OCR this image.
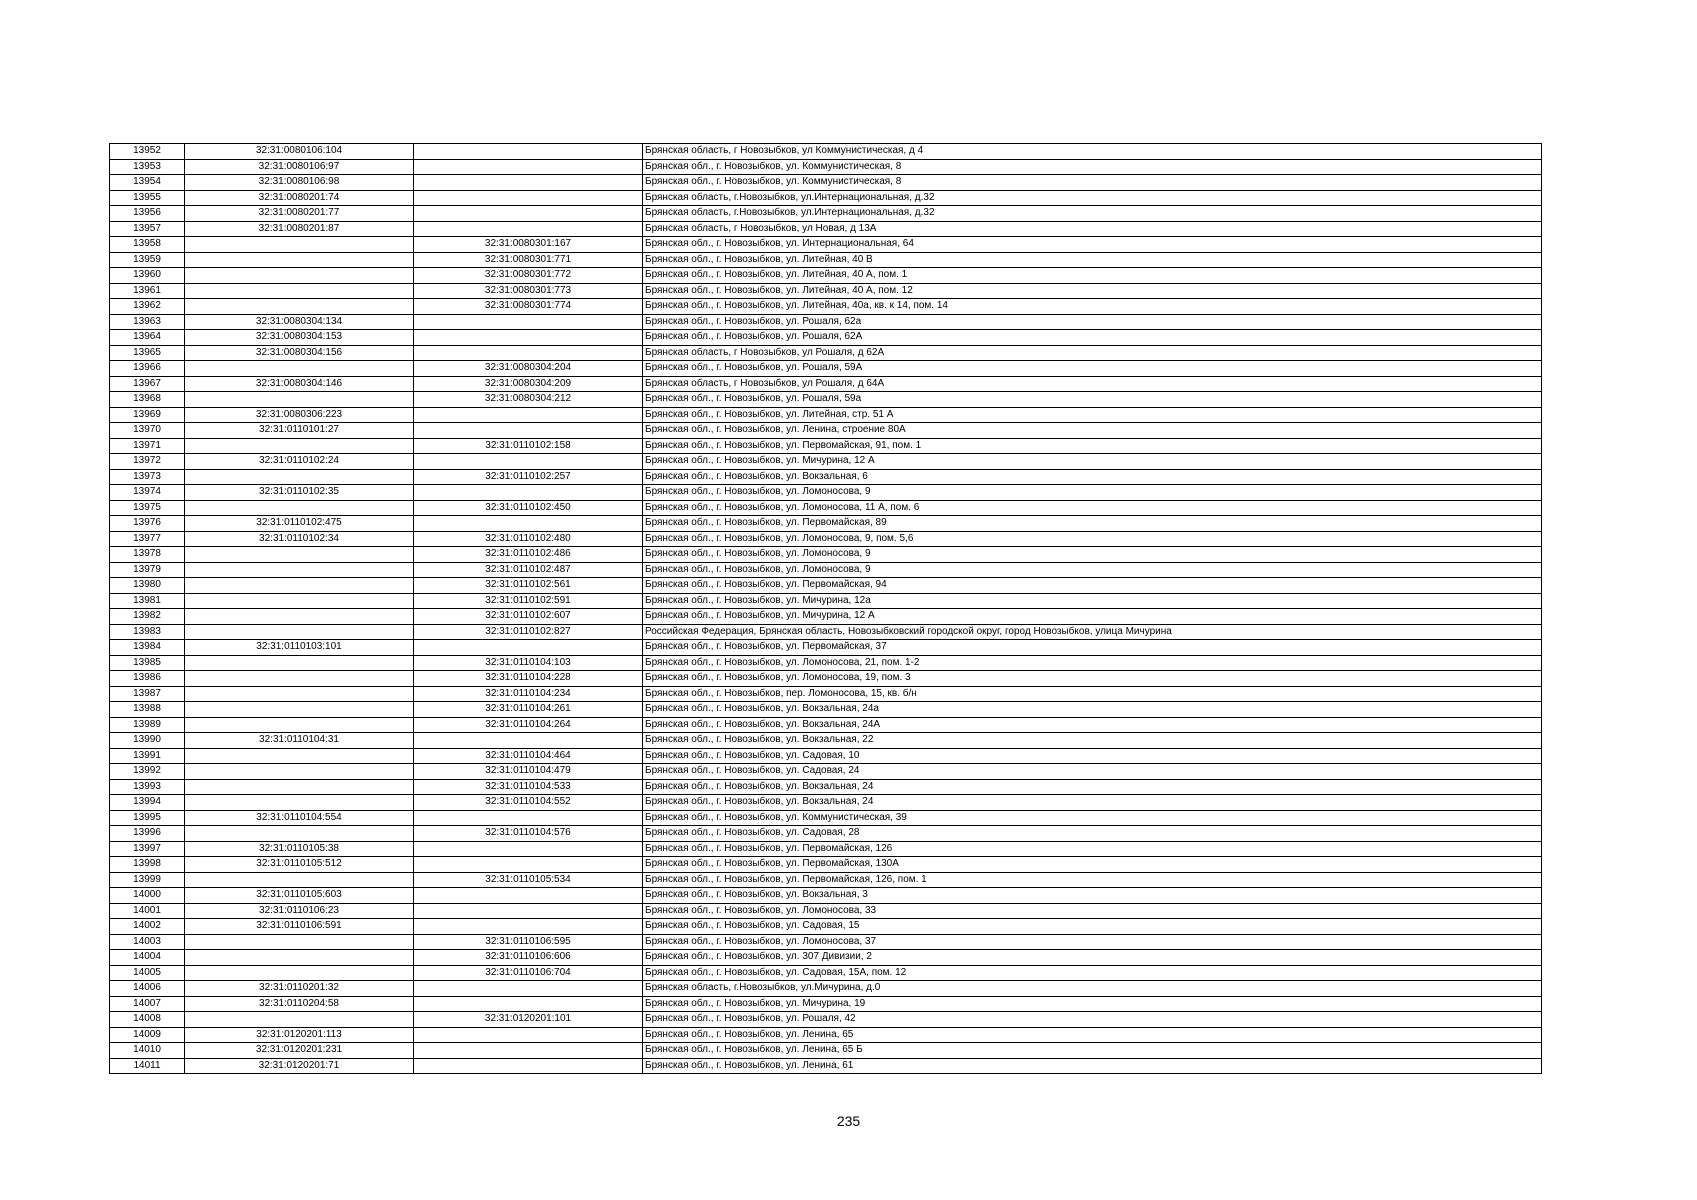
13952	32:31:0080106:104		Брянская область, г Новозыбков, ул Коммунистическая, д 4
13953	32:31:0080106:97		Брянская обл., г. Новозыбков, ул. Коммунистическая, 8
13954	32:31:0080106:98		Брянская обл., г. Новозыбков, ул. Коммунистическая, 8
13955	32:31:0080201:74		Брянская область, г.Новозыбков, ул.Интернациональная, д.32
13956	32:31:0080201:77		Брянская область, г.Новозыбков, ул.Интернациональная, д.32
13957	32:31:0080201:87		Брянская область, г Новозыбков, ул Новая, д 13А
13958		32:31:0080301:167	Брянская обл., г. Новозыбков, ул. Интернациональная, 64
13959		32:31:0080301:771	Брянская обл., г. Новозыбков, ул. Литейная, 40 В
13960		32:31:0080301:772	Брянская обл., г. Новозыбков, ул. Литейная, 40 А, пом. 1
13961		32:31:0080301:773	Брянская обл., г. Новозыбков, ул. Литейная, 40 А, пом. 12
13962		32:31:0080301:774	Брянская обл., г. Новозыбков, ул. Литейная, 40а, кв. к 14, пом. 14
13963	32:31:0080304:134		Брянская обл., г. Новозыбков, ул. Рошаля, 62а
13964	32:31:0080304:153		Брянская обл., г. Новозыбков, ул. Рошаля, 62А
13965	32:31:0080304:156		Брянская область, г Новозыбков, ул Рошаля, д 62А
13966		32:31:0080304:204	Брянская обл., г. Новозыбков, ул. Рошаля, 59А
13967	32:31:0080304:146	32:31:0080304:209	Брянская область, г Новозыбков, ул Рошаля, д 64А
13968		32:31:0080304:212	Брянская обл., г. Новозыбков, ул. Рошаля, 59а
13969	32:31:0080306:223		Брянская обл., г. Новозыбков, ул. Литейная, стр. 51 А
13970	32:31:0110101:27		Брянская обл., г. Новозыбков, ул. Ленина, строение 80А
13971		32:31:0110102:158	Брянская обл., г. Новозыбков, ул. Первомайская, 91, пом. 1
13972	32:31:0110102:24		Брянская обл., г. Новозыбков, ул. Мичурина, 12 А
13973		32:31:0110102:257	Брянская обл., г. Новозыбков, ул. Вокзальная, 6
13974	32:31:0110102:35		Брянская обл., г. Новозыбков, ул. Ломоносова, 9
13975		32:31:0110102:450	Брянская обл., г. Новозыбков, ул. Ломоносова, 11 А, пом. 6
13976	32:31:0110102:475		Брянская обл., г. Новозыбков, ул. Первомайская, 89
13977	32:31:0110102:34	32:31:0110102:480	Брянская обл., г. Новозыбков, ул. Ломоносова, 9, пом. 5,6
13978		32:31:0110102:486	Брянская обл., г. Новозыбков, ул. Ломоносова, 9
13979		32:31:0110102:487	Брянская обл., г. Новозыбков, ул. Ломоносова, 9
13980		32:31:0110102:561	Брянская обл., г. Новозыбков, ул. Первомайская, 94
13981		32:31:0110102:591	Брянская обл., г. Новозыбков, ул. Мичурина, 12а
13982		32:31:0110102:607	Брянская обл., г. Новозыбков, ул. Мичурина, 12 А
13983		32:31:0110102:827	Российская Федерация, Брянская область, Новозыбковский городской округ, город Новозыбков, улица Мичурина
13984	32:31:0110103:101		Брянская обл., г. Новозыбков, ул. Первомайская, 37
13985		32:31:0110104:103	Брянская обл., г. Новозыбков, ул. Ломоносова, 21, пом. 1-2
13986		32:31:0110104:228	Брянская обл., г. Новозыбков, ул. Ломоносова, 19, пом. 3
13987		32:31:0110104:234	Брянская обл., г. Новозыбков, пер. Ломоносова, 15, кв. б/н
13988		32:31:0110104:261	Брянская обл., г. Новозыбков, ул. Вокзальная, 24а
13989		32:31:0110104:264	Брянская обл., г. Новозыбков, ул. Вокзальная, 24А
13990	32:31:0110104:31		Брянская обл., г. Новозыбков, ул. Вокзальная, 22
13991		32:31:0110104:464	Брянская обл., г. Новозыбков, ул. Садовая, 10
13992		32:31:0110104:479	Брянская обл., г. Новозыбков, ул. Садовая, 24
13993		32:31:0110104:533	Брянская обл., г. Новозыбков, ул. Вокзальная, 24
13994		32:31:0110104:552	Брянская обл., г. Новозыбков, ул. Вокзальная, 24
13995	32:31:0110104:554		Брянская обл., г. Новозыбков, ул. Коммунистическая, 39
13996		32:31:0110104:576	Брянская обл., г. Новозыбков, ул. Садовая, 28
13997	32:31:0110105:38		Брянская обл., г. Новозыбков, ул. Первомайская, 126
13998	32:31:0110105:512		Брянская обл., г. Новозыбков, ул. Первомайская, 130А
13999		32:31:0110105:534	Брянская обл., г. Новозыбков, ул. Первомайская, 126, пом. 1
14000	32:31:0110105:603		Брянская обл., г. Новозыбков, ул. Вокзальная, 3
14001	32:31:0110106:23		Брянская обл., г. Новозыбков, ул. Ломоносова, 33
14002	32:31:0110106:591		Брянская обл., г. Новозыбков, ул. Садовая, 15
14003		32:31:0110106:595	Брянская обл., г. Новозыбков, ул. Ломоносова, 37
14004		32:31:0110106:606	Брянская обл., г. Новозыбков, ул. 307 Дивизии, 2
14005		32:31:0110106:704	Брянская обл., г. Новозыбков, ул. Садовая, 15А, пом. 12
14006	32:31:0110201:32		Брянская область, г.Новозыбков, ул.Мичурина, д.0
14007	32:31:0110204:58		Брянская обл., г. Новозыбков, ул. Мичурина, 19
14008		32:31:0120201:101	Брянская обл., г. Новозыбков, ул. Рошаля, 42
14009	32:31:0120201:113		Брянская обл., г. Новозыбков, ул. Ленина, 65
14010	32:31:0120201:231		Брянская обл., г. Новозыбков, ул. Ленина, 65 Б
14011	32:31:0120201:71		Брянская обл., г. Новозыбков, ул. Ленина, 61
235
